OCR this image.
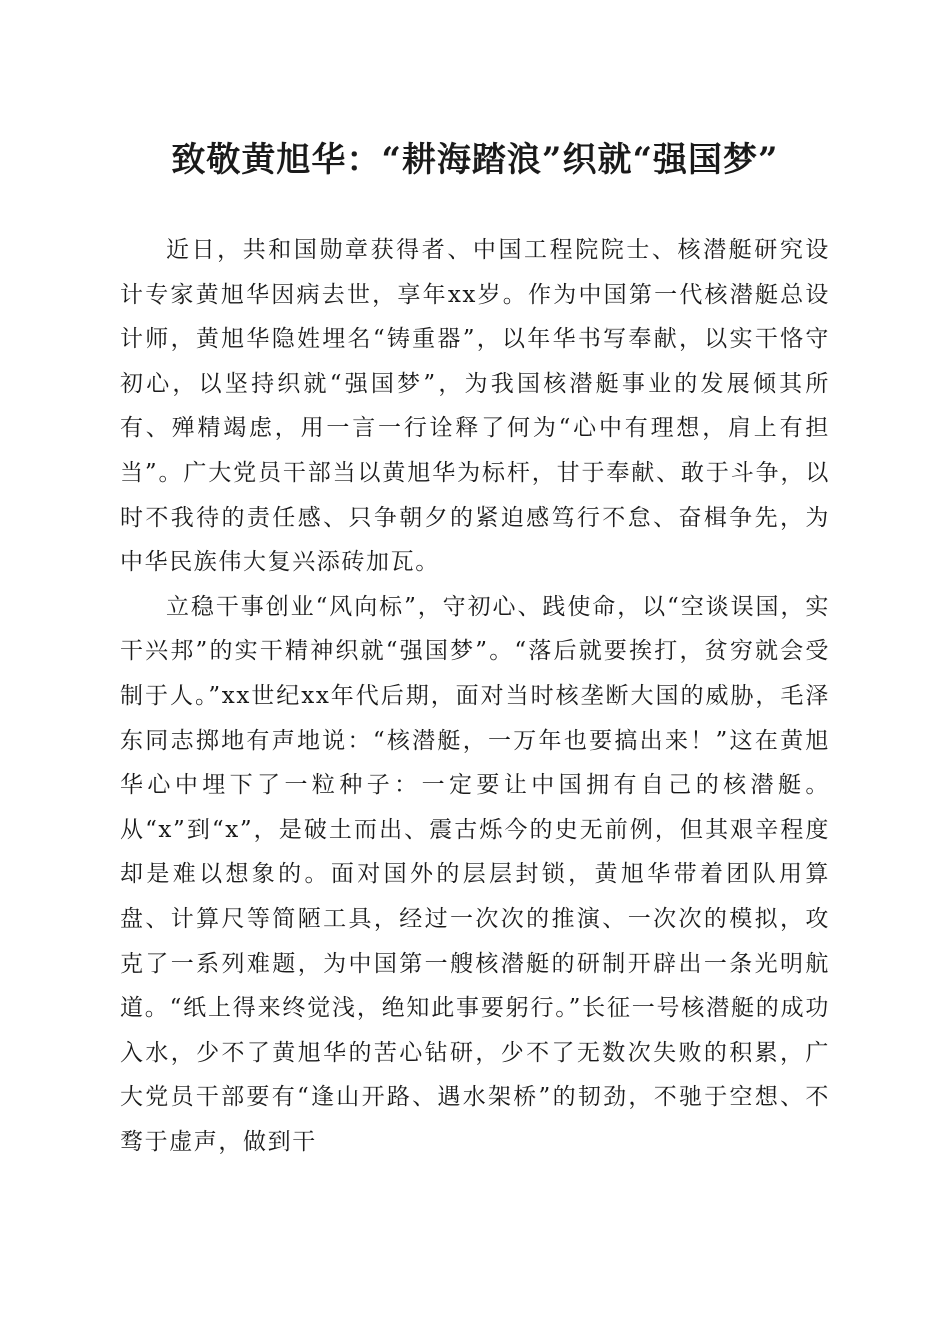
致敬黄旭华：“耕海踏浪”织就“强国梦”

近日，共和国勋章获得者、中国工程院院士、核潜艇研究设计专家黄旭华因病去世，享年xx岁。作为中国第一代核潜艇总设计师，黄旭华隐姓埋名“铸重器”，以年华书写奉献，以实干恪守初心，以坚持织就“强国梦”，为我国核潜艇事业的发展倾其所有、殚精竭虑，用一言一行诠释了何为“心中有理想，肩上有担当”。广大党员干部当以黄旭华为标杆，甘于奉献、敢于斗争，以时不我待的责任感、只争朝夕的紧迫感笃行不怠、奋楫争先，为中华民族伟大复兴添砖加瓦。

立稳干事创业“风向标”，守初心、践使命，以“空谈误国，实干兴邦”的实干精神织就“强国梦”。“落后就要挨打，贫穷就会受制于人。”xx世纪xx年代后期，面对当时核垄断大国的威胁，毛泽东同志掷地有声地说：“核潜艇，一万年也要搞出来！”这在黄旭华心中埋下了一粒种子：一定要让中国拥有自己的核潜艇。从“x”到“x”，是破土而出、震古烁今的史无前例，但其艰辛程度却是难以想象的。面对国外的层层封锁，黄旭华带着团队用算盘、计算尺等简陋工具，经过一次次的推演、一次次的模拟，攻克了一系列难题，为中国第一艘核潜艇的研制开辟出一条光明航道。“纸上得来终觉浅，绝知此事要躬行。”长征一号核潜艇的成功入水，少不了黄旭华的苦心钻研，少不了无数次失败的积累，广大党员干部要有“逢山开路、遇水架桥”的韧劲，不驰于空想、不骛于虚声，做到干
